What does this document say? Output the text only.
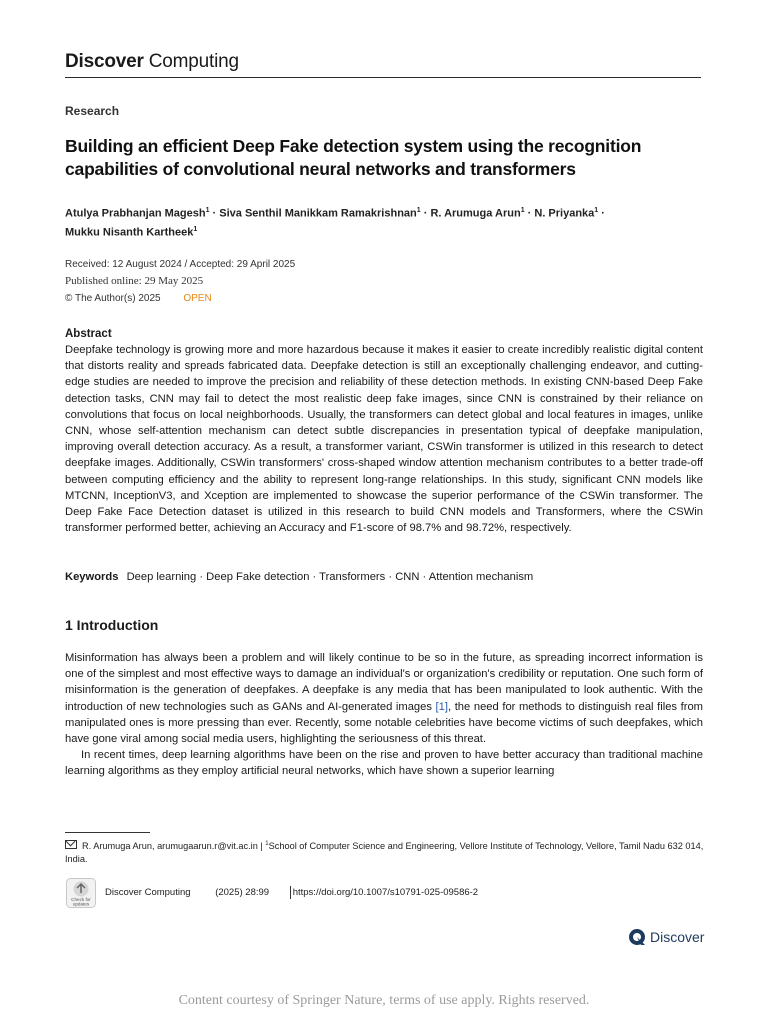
Discover Computing
Research
Building an efficient Deep Fake detection system using the recognition capabilities of convolutional neural networks and transformers
Atulya Prabhanjan Magesh$^1$ · Siva Senthil Manikkam Ramakrishnan$^1$ · R. Arumuga Arun$^1$ · N. Priyanka$^1$ ·
Mukku Nisanth Kartheek$^1$
Received: 12 August 2024 / Accepted: 29 April 2025
Published online: 29 May 2025
© The Author(s) 2025 OPEN
Abstract

Deepfake technology is growing more and more hazardous because it makes it easier to create incredibly realistic digital content that distorts reality and spreads fabricated data. Deepfake detection is still an exceptionally challenging endeavor, and cutting-edge studies are needed to improve the precision and reliability of these detection methods. In existing CNN-based Deep Fake detection tasks, CNN may fail to detect the most realistic deep fake images, since CNN is constrained by their reliance on convolutions that focus on local neighborhoods. Usually, the transformers can detect global and local features in images, unlike CNN, whose self-attention mechanism can detect subtle discrepancies in presentation typical of deepfake manipulation, improving overall detection accuracy. As a result, a transformer variant, CSWin transformer is utilized in this research to detect deepfake images. Additionally, CSWin transformers' cross-shaped window attention mechanism contributes to a better trade-off between computing efficiency and the ability to represent long-range relationships. In this study, significant CNN models like MTCNN, InceptionV3, and Xception are implemented to showcase the superior performance of the CSWin transformer. The Deep Fake Face Detection dataset is utilized in this research to build CNN models and Transformers, where the CSWin transformer performed better, achieving an Accuracy and F1-score of 98.7% and 98.72%, respectively.

Keywords Deep learning · Deep Fake detection · Transformers · CNN · Attention mechanism
1 Introduction

Misinformation has always been a problem and will likely continue to be so in the future, as spreading incorrect information is one of the simplest and most effective ways to damage an individual's or organization's credibility or reputation. One such form of misinformation is the generation of deepfakes. A deepfake is any media that has been manipulated to look authentic. With the introduction of new technologies such as GANs and AI-generated images [1], the need for methods to distinguish real files from manipulated ones is more pressing than ever. Recently, some notable celebrities have become victims of such deepfakes, which have gone viral among social media users, highlighting the seriousness of this threat.

In recent times, deep learning algorithms have been on the rise and proven to have better accuracy than traditional machine learning algorithms as they employ artificial neural networks, which have shown a superior learning

R. Arumuga Arun, arumugaarun.r@vit.ac.in | $^1$School of Computer Science and Engineering, Vellore Institute of Technology, Vellore, Tamil Nadu 632 014, India.
Check for
updates
Discover Computing	(2025) 28:99 https://doi.org/10.1007/s10791-025-09586-2
Discover
Content courtesy of Springer Nature, terms of use apply. Rights reserved.
